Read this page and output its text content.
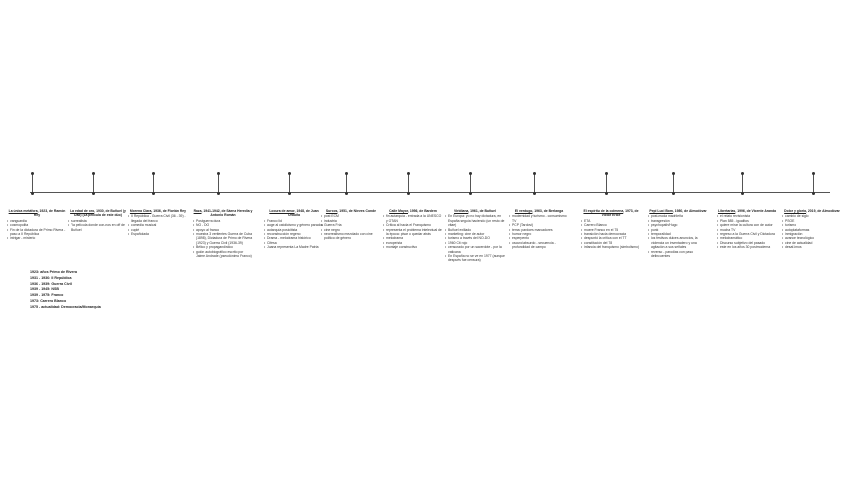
La única metáfora, 1923, de Ramón Rey
• vanguardia
• cosmopolita
• Fin de la dictadura de Primo Rivera - paso a II República
• intrigar - misterio
La edad de oro, 1930, de Buñuel (y Dalí) (1a película de este dúo)
• surrealista
• "la película donde con-nos en off de Buñuel
Morena Clara, 1936, de Florián Rey
• II República - Guerra Civil (36 - 39) - llegada del franco
• comedia musical
• cuplé
• Españolada
Raza, 1941-1942, de Sáenz Heredia y Antonio Román
• Postguerra dura
• NO - DO
• apoyo al franco
• muestra 3 vertientes Guerra de Cuba (1898), Dictadura de Primo de Rivera (1923) y Guerra Civil (1936-39)
• Bélico y propagandístico
• guión autobiográfico escrito por Jaime Andrade (pseudónimo Franco)
Locura de amor, 1948, de Juan Orduña
• Franco lid
• auge al catolicismo y género parados
• autarquía posicitista
• reconstrucción regeno
• Drama - melodrama histórico
• Cifesa
• Juana representa La Madre Patria
Surcos, 1951, de Nieves Conde
• post ECM
• industria
• Guerra Fría
• cine negro
• neorrealismo mezclado con cine político de género
Calle Mayor, 1956, de Bardem
• fin autarquía - entrada a la UNESCO y OTAN
• Crítica al hacia el Franquismo
• representa el problema intelectual de la época: pisar o quedar atrás
• melodrama
• europeísta
• montaje constructivo
Viridiana, 1961, de Buñuel
• En Europa: yo no hay dictadura, en España seguía haciendo (un resto de vitae)
• Buñuel exiliado
• marketing: cine de autor
• turismo a través del NO-DO
• 1960 Cit rojo
• censurado por un sacerdote - por la vaticana
• En España no se ve en 1977 (aunque después fue censura)
El verdugo, 1963, de Berlanga
• modernidad y turismo - consumismo TV
• PCP (Tardovi)
• tema: pardoes marcadores
• humor negro
• esperpento
• oscuro/absurdo - secuencia - profundidad de campo
El espíritu de la colmena, 1973, de Víctor Erice
• ETA
• Carrero Blanco
• muere Franco en el 75
• transición hacia democracia
• despuntó la crítica con el TT
• constitución del 78
• infancia del franquismo (simbolismo)
Pepi Luci Bom, 1980, de Almodóvar
• post-moda madrileña
• transgresión
• psychopath/Hugo
• punk
• temporalidad
• los festivos dulces anuncios, la violencia un inventadero y una agitación a sus señales
• reverso - parodias con paso delincuentes
Libertarias, 1996, de Vicente Aranda
• el relato revisionista
• Plan 585 - igualitos
• quiere mirar la cultura con de autor
• mucha TV
• regreso a la Guerra Civil y Dictadura
• melodramático
• Discurso subjetivo del pasado
• este en los años 30 postmoderna
Dolor y gloria, 2019, de Almodóvar
• cambio de siglo
• PSOE
• turismo
• autoplataformas
• inmigración
• avance tecnológico
• cine de actualidad
• desaf-imos
1923: años Primo de Rivera
1931 - 1936: II República
1936 - 1939: Guerra Civil
1939 - 1945: NSB
1939 - 1975: Franco
1973: Carrero Blanco
1975 - actualidad: Democracia/Monarquía
